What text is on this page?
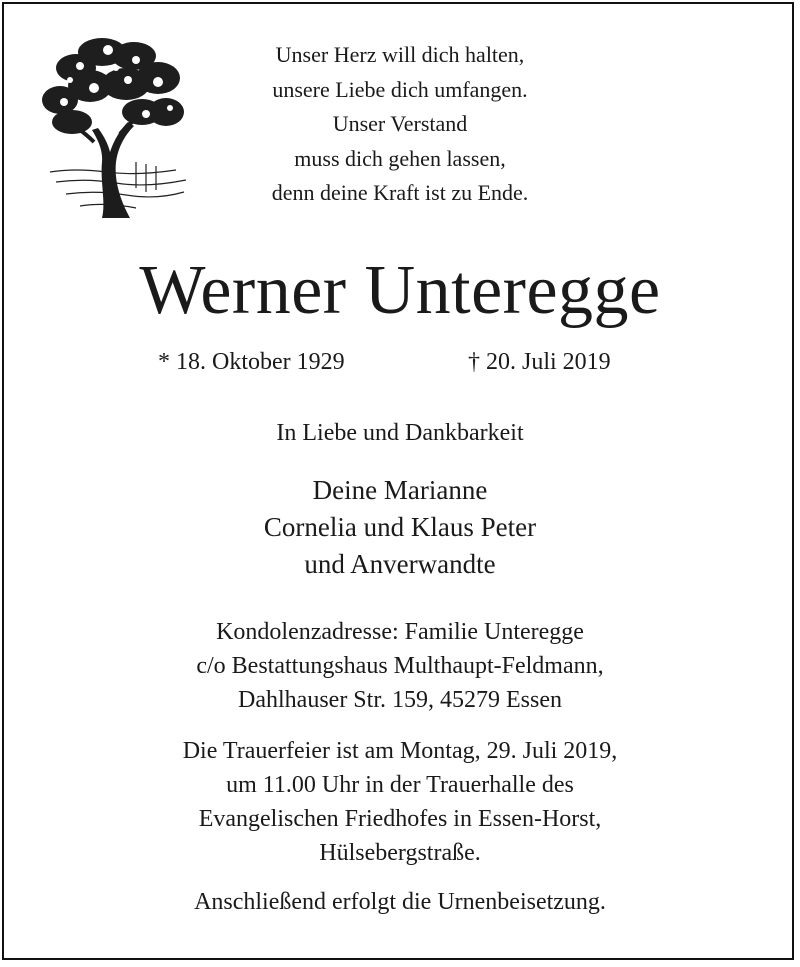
Unser Herz will dich halten,
unsere Liebe dich umfangen.
Unser Verstand
muss dich gehen lassen,
denn deine Kraft ist zu Ende.
Werner Unteregge
* 18. Oktober 1929	† 20. Juli 2019
In Liebe und Dankbarkeit
Deine Marianne
Cornelia und Klaus Peter
und Anverwandte
Kondolenzadresse: Familie Unteregge
c/o Bestattungshaus Multhaupt-Feldmann,
Dahlhauser Str. 159, 45279 Essen
Die Trauerfeier ist am Montag, 29. Juli 2019,
um 11.00 Uhr in der Trauerhalle des
Evangelischen Friedhofes in Essen-Horst,
Hülsebergstraße.
Anschließend erfolgt die Urnenbeisetzung.
